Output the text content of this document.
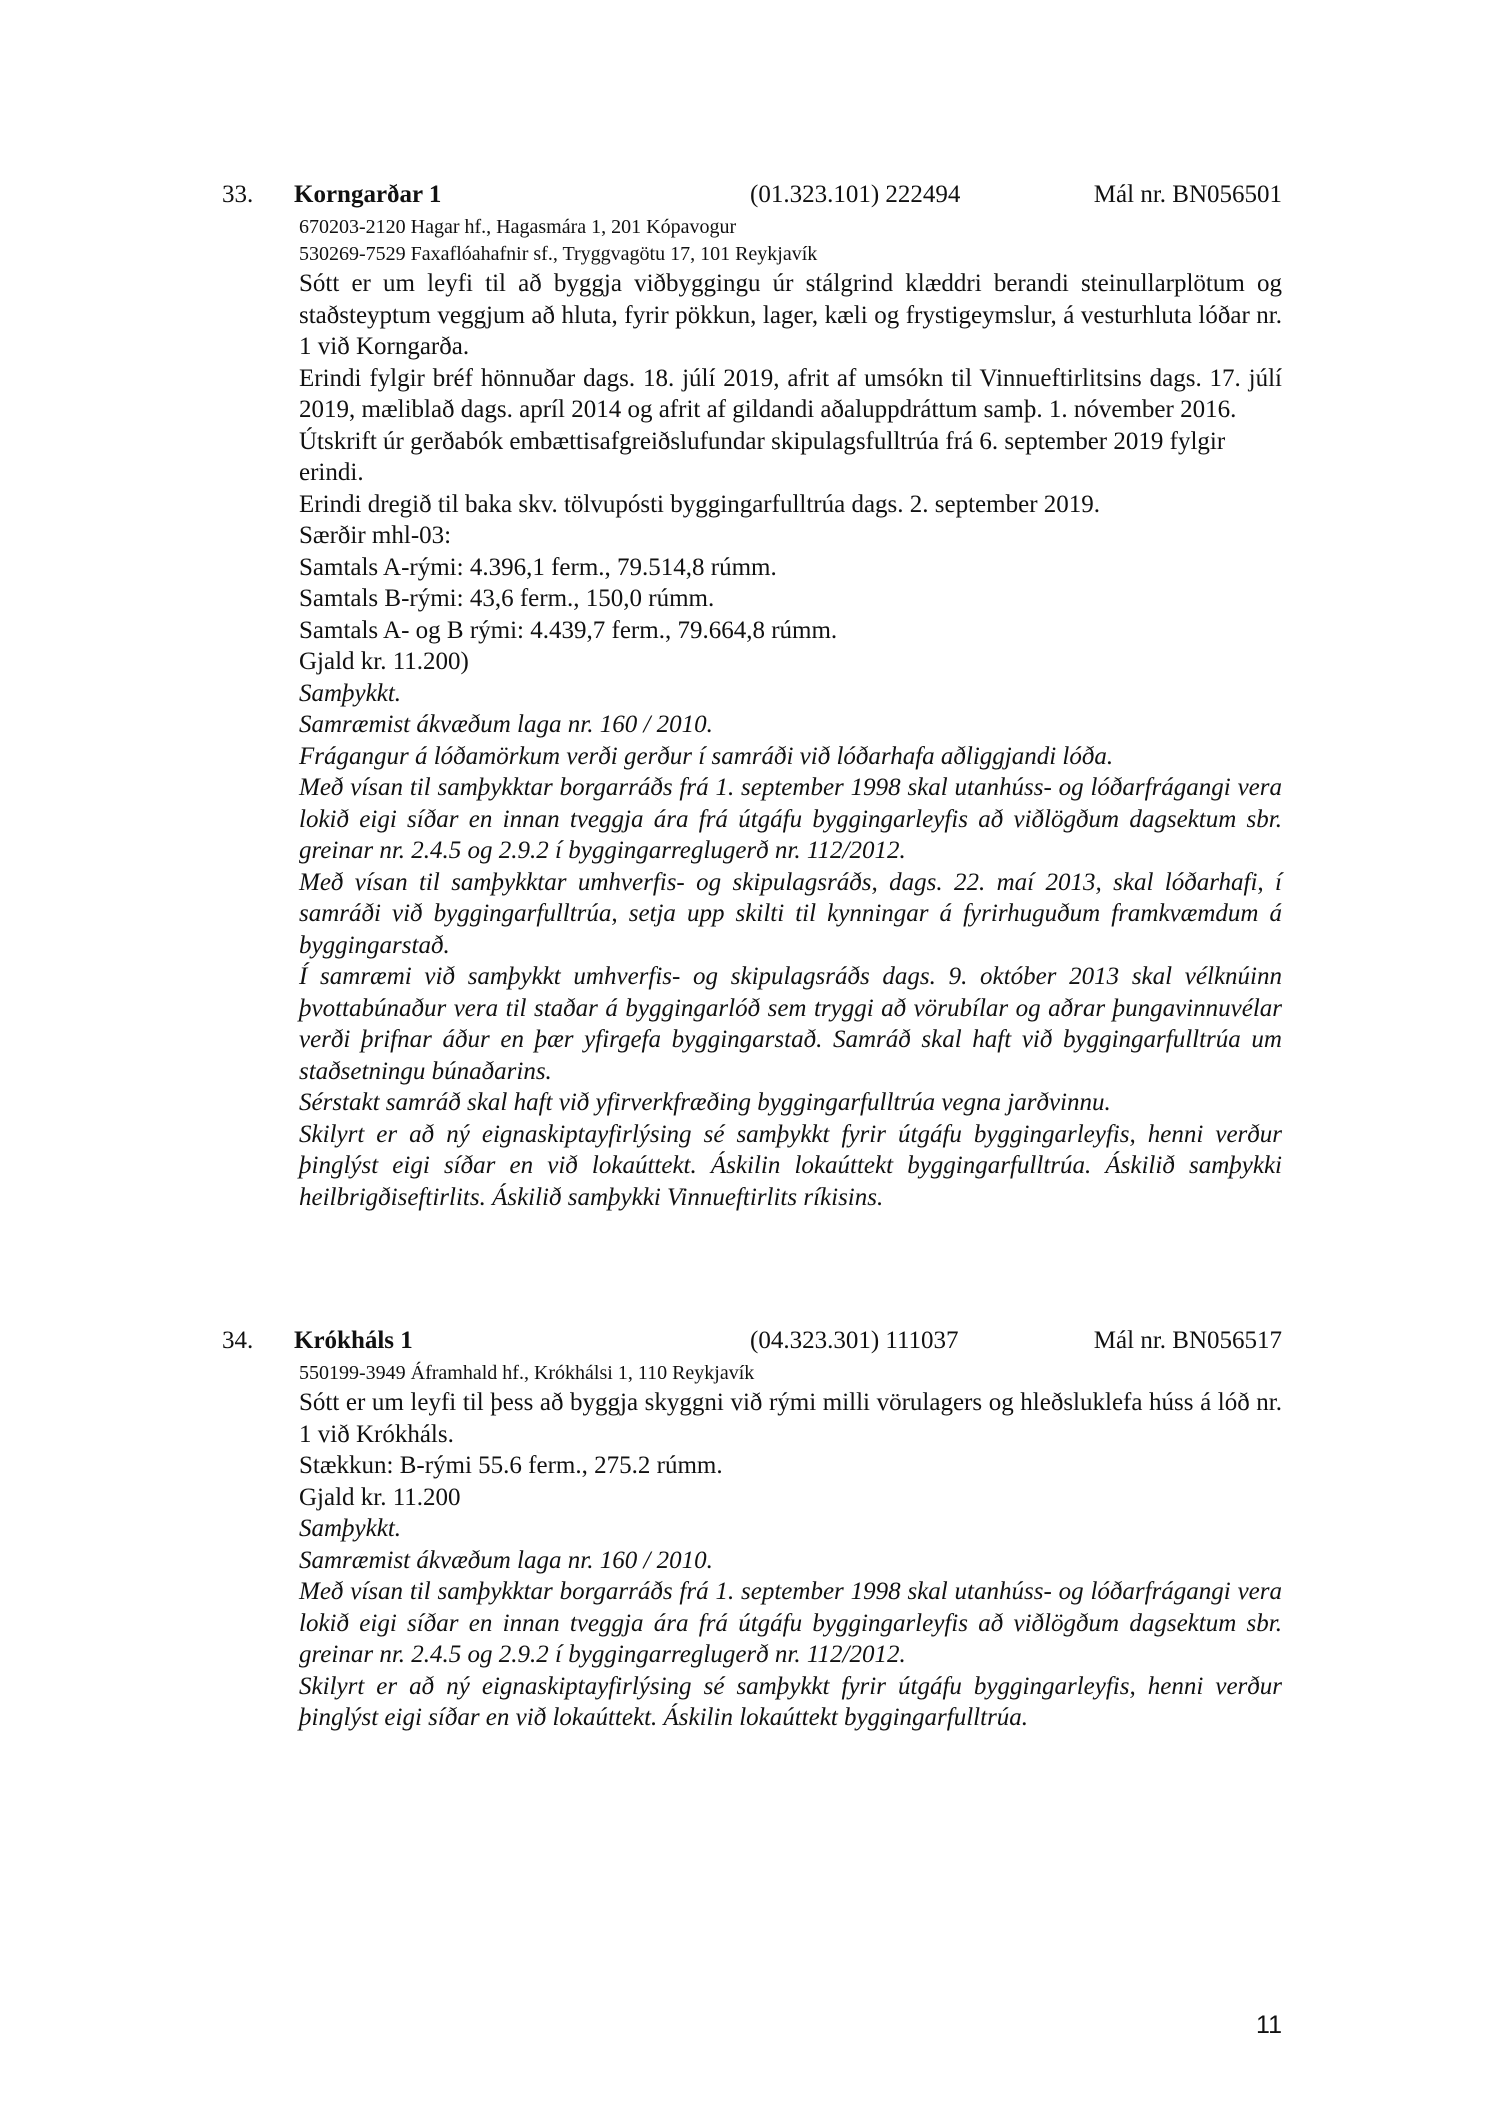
33. Korngarðar 1	(01.323.101) 222494	Mál nr. BN056501
670203-2120 Hagar hf., Hagasmára 1, 201 Kópavogur
530269-7529 Faxaflóahafnir sf., Tryggvagötu 17, 101 Reykjavík
Sótt er um leyfi til að byggja viðbyggingu úr stálgrind klæddri berandi steinullarplötum og staðsteyptum veggjum að hluta, fyrir pökkun, lager, kæli og frystigeymslur, á vesturhluta lóðar nr. 1 við Korngarða.
Erindi fylgir bréf hönnuðar dags. 18. júlí 2019, afrit af umsókn til Vinnueftirlitsins dags. 17. júlí 2019, mæliblað dags. apríl 2014 og afrit af gildandi aðaluppdráttum samþ. 1. nóvember 2016.
Útskrift úr gerðabók embættisafgreiðslufundar skipulagsfulltrúa frá 6. september 2019 fylgir erindi.
Erindi dregið til baka skv. tölvupósti byggingarfulltrúa dags. 2. september 2019.
Særðir mhl-03:
Samtals A-rými: 4.396,1 ferm., 79.514,8 rúmm.
Samtals B-rými: 43,6 ferm., 150,0 rúmm.
Samtals A- og B rými: 4.439,7 ferm., 79.664,8 rúmm.
Gjald kr. 11.200)
Samþykkt.
Samræmist ákvæðum laga nr. 160 / 2010.
Frágangur á lóðamörkum verði gerður í samráði við lóðarhafa aðliggjandi lóða.
Með vísan til samþykktar borgarráðs frá 1. september 1998 skal utanhúss- og lóðarfrágangi vera lokið eigi síðar en innan tveggja ára frá útgáfu byggingarleyfis að viðlögðum dagsektum sbr. greinar nr. 2.4.5 og 2.9.2 í byggingarreglugerð nr. 112/2012.
Með vísan til samþykktar umhverfis- og skipulagsráðs, dags. 22. maí 2013, skal lóðarhafi, í samráði við byggingarfulltrúa, setja upp skilti til kynningar á fyrirhuguðum framkvæmdum á byggingarstað.
Í samræmi við samþykkt umhverfis- og skipulagsráðs dags. 9. október 2013 skal vélknúinn þvottabúnaður vera til staðar á byggingarlóð sem tryggi að vörubílar og aðrar þungavinnuvélar verði þrifnar áður en þær yfirgefa byggingarstað. Samráð skal haft við byggingarfulltrúa um staðsetningu búnaðarins.
Sérstakt samráð skal haft við yfirverkfræðing byggingarfulltrúa vegna jarðvinnu.
Skilyrt er að ný eignaskiptayfirlýsing sé samþykkt fyrir útgáfu byggingarleyfis, henni verður þinglýst eigi síðar en við lokaúttekt. Áskilin lokaúttekt byggingarfulltrúa. Áskilið samþykki heilbrigðiseftirlits. Áskilið samþykki Vinnueftirlits ríkisins.
34. Krókháls 1	(04.323.301) 111037	Mál nr. BN056517
550199-3949 Áframhald hf., Krókhálsi 1, 110 Reykjavík
Sótt er um leyfi til þess að byggja skyggni við rými milli vörulagers og hleðsluklefa húss á lóð nr. 1 við Krókháls.
Stækkun: B-rými 55.6 ferm., 275.2 rúmm.
Gjald kr. 11.200
Samþykkt.
Samræmist ákvæðum laga nr. 160 / 2010.
Með vísan til samþykktar borgarráðs frá 1. september 1998 skal utanhúss- og lóðarfrágangi vera lokið eigi síðar en innan tveggja ára frá útgáfu byggingarleyfis að viðlögðum dagsektum sbr. greinar nr. 2.4.5 og 2.9.2 í byggingarreglugerð nr. 112/2012.
Skilyrt er að ný eignaskiptayfirlýsing sé samþykkt fyrir útgáfu byggingarleyfis, henni verður þinglýst eigi síðar en við lokaúttekt. Áskilin lokaúttekt byggingarfulltrúa.
11
